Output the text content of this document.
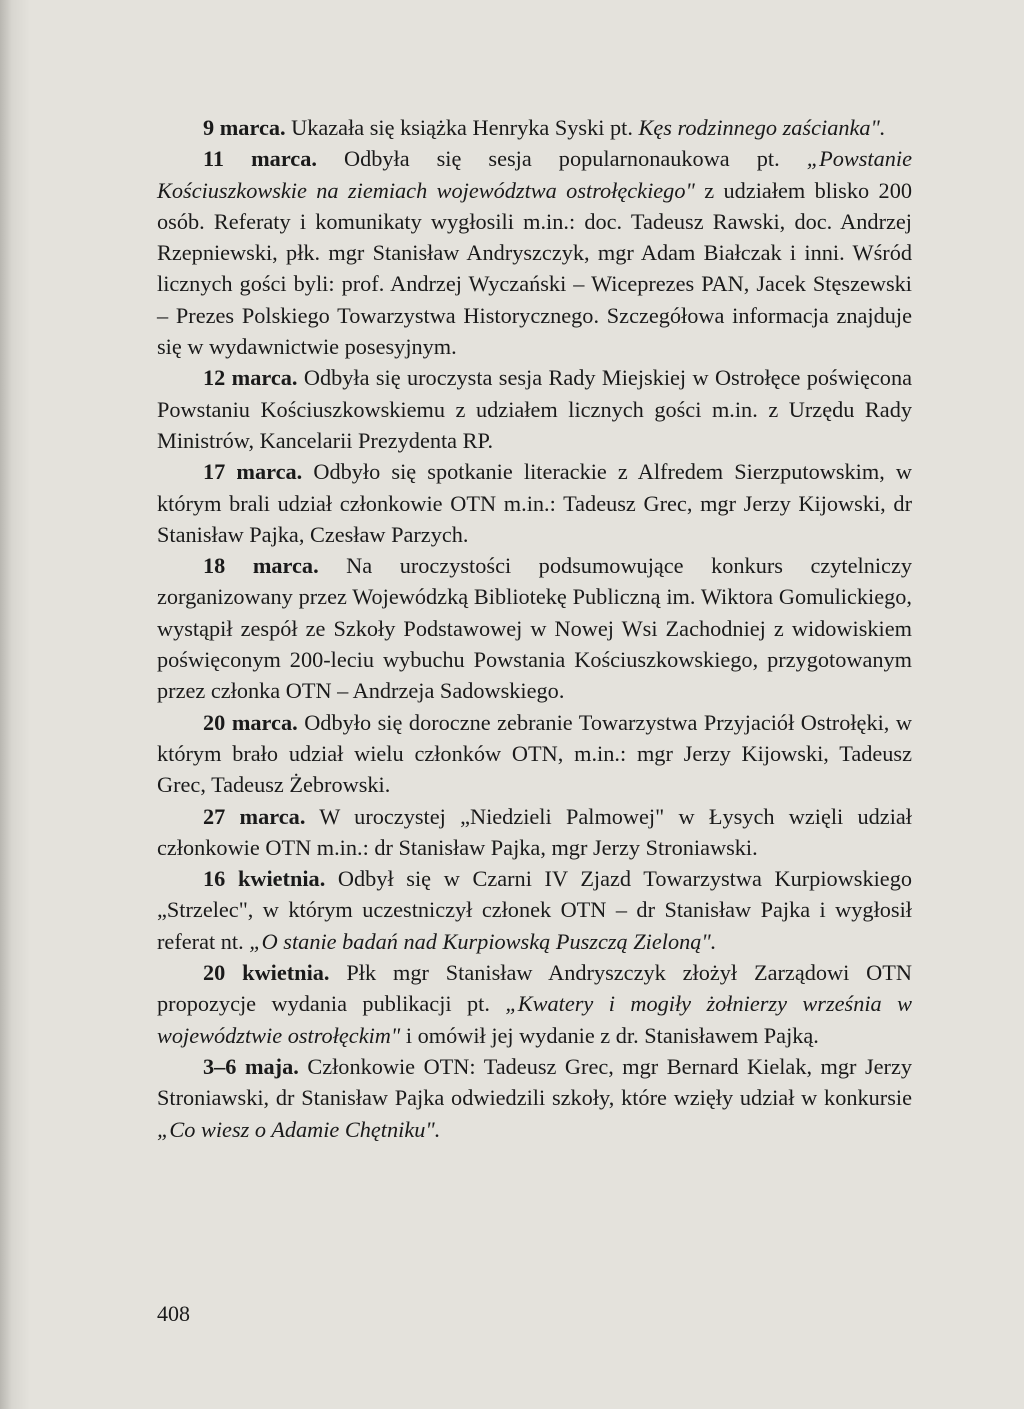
9 marca. Ukazała się książka Henryka Syski pt. Kęs rodzinnego zaścianka".

11 marca. Odbyła się sesja popularnonaukowa pt. „Powstanie Kościuszkowskie na ziemiach województwa ostrołęckiego" z udziałem blisko 200 osób. Referaty i komunikaty wygłosili m.in.: doc. Tadeusz Rawski, doc. Andrzej Rzepniewski, płk. mgr Stanisław Andryszczyk, mgr Adam Białczak i inni. Wśród licznych gości byli: prof. Andrzej Wyczański – Wiceprezes PAN, Jacek Stęszewski – Prezes Polskiego Towarzystwa Historycznego. Szczegółowa informacja znajduje się w wydawnictwie posesyjnym.

12 marca. Odbyła się uroczysta sesja Rady Miejskiej w Ostrołęce poświęcona Powstaniu Kościuszkowskiemu z udziałem licznych gości m.in. z Urzędu Rady Ministrów, Kancelarii Prezydenta RP.

17 marca. Odbyło się spotkanie literackie z Alfredem Sierzputowskim, w którym brali udział członkowie OTN m.in.: Tadeusz Grec, mgr Jerzy Kijowski, dr Stanisław Pajka, Czesław Parzych.

18 marca. Na uroczystości podsumowujące konkurs czytelniczy zorganizowany przez Wojewódzką Bibliotekę Publiczną im. Wiktora Gomulickiego, wystąpił zespół ze Szkoły Podstawowej w Nowej Wsi Zachodniej z widowiskiem poświęconym 200-leciu wybuchu Powstania Kościuszkowskiego, przygotowanym przez członka OTN – Andrzeja Sadowskiego.

20 marca. Odbyło się doroczne zebranie Towarzystwa Przyjaciół Ostrołęki, w którym brało udział wielu członków OTN, m.in.: mgr Jerzy Kijowski, Tadeusz Grec, Tadeusz Żebrowski.

27 marca. W uroczystej „Niedzieli Palmowej" w Łysych wzięli udział członkowie OTN m.in.: dr Stanisław Pajka, mgr Jerzy Stroniawski.

16 kwietnia. Odbył się w Czarni IV Zjazd Towarzystwa Kurpiowskiego „Strzelec", w którym uczestniczył członek OTN – dr Stanisław Pajka i wygłosił referat nt. „O stanie badań nad Kurpiowską Puszczą Zieloną".

20 kwietnia. Płk mgr Stanisław Andryszczyk złożył Zarządowi OTN propozycje wydania publikacji pt. „Kwatery i mogiły żołnierzy września w województwie ostrołęckim" i omówił jej wydanie z dr. Stanisławem Pajką.

3–6 maja. Członkowie OTN: Tadeusz Grec, mgr Bernard Kielak, mgr Jerzy Stroniawski, dr Stanisław Pajka odwiedzili szkoły, które wzięły udział w konkursie „Co wiesz o Adamie Chętniku".

408
